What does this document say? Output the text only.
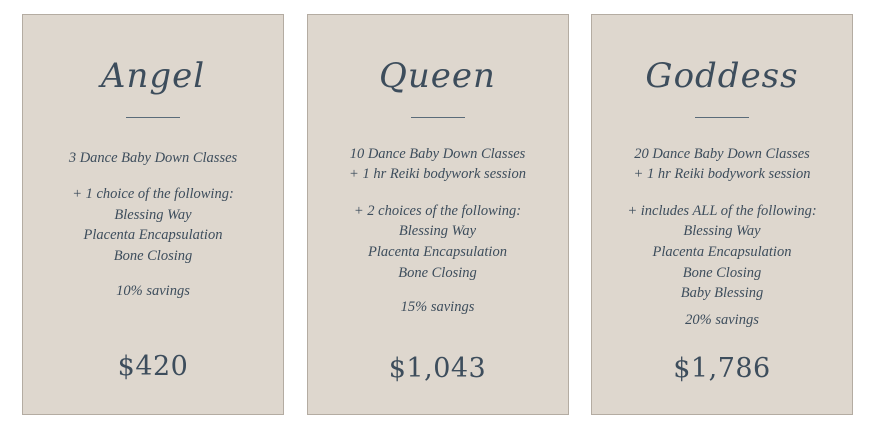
Angel
3 Dance Baby Down Classes
+ 1 choice of the following:
Blessing Way
Placenta Encapsulation
Bone Closing
10% savings
$420
Queen
10 Dance Baby Down Classes
+ 1 hr Reiki bodywork session
+ 2 choices of the following:
Blessing Way
Placenta Encapsulation
Bone Closing
15% savings
$1,043
Goddess
20 Dance Baby Down Classes
+ 1 hr Reiki bodywork session
+ includes ALL of the following:
Blessing Way
Placenta Encapsulation
Bone Closing
Baby Blessing
20% savings
$1,786
